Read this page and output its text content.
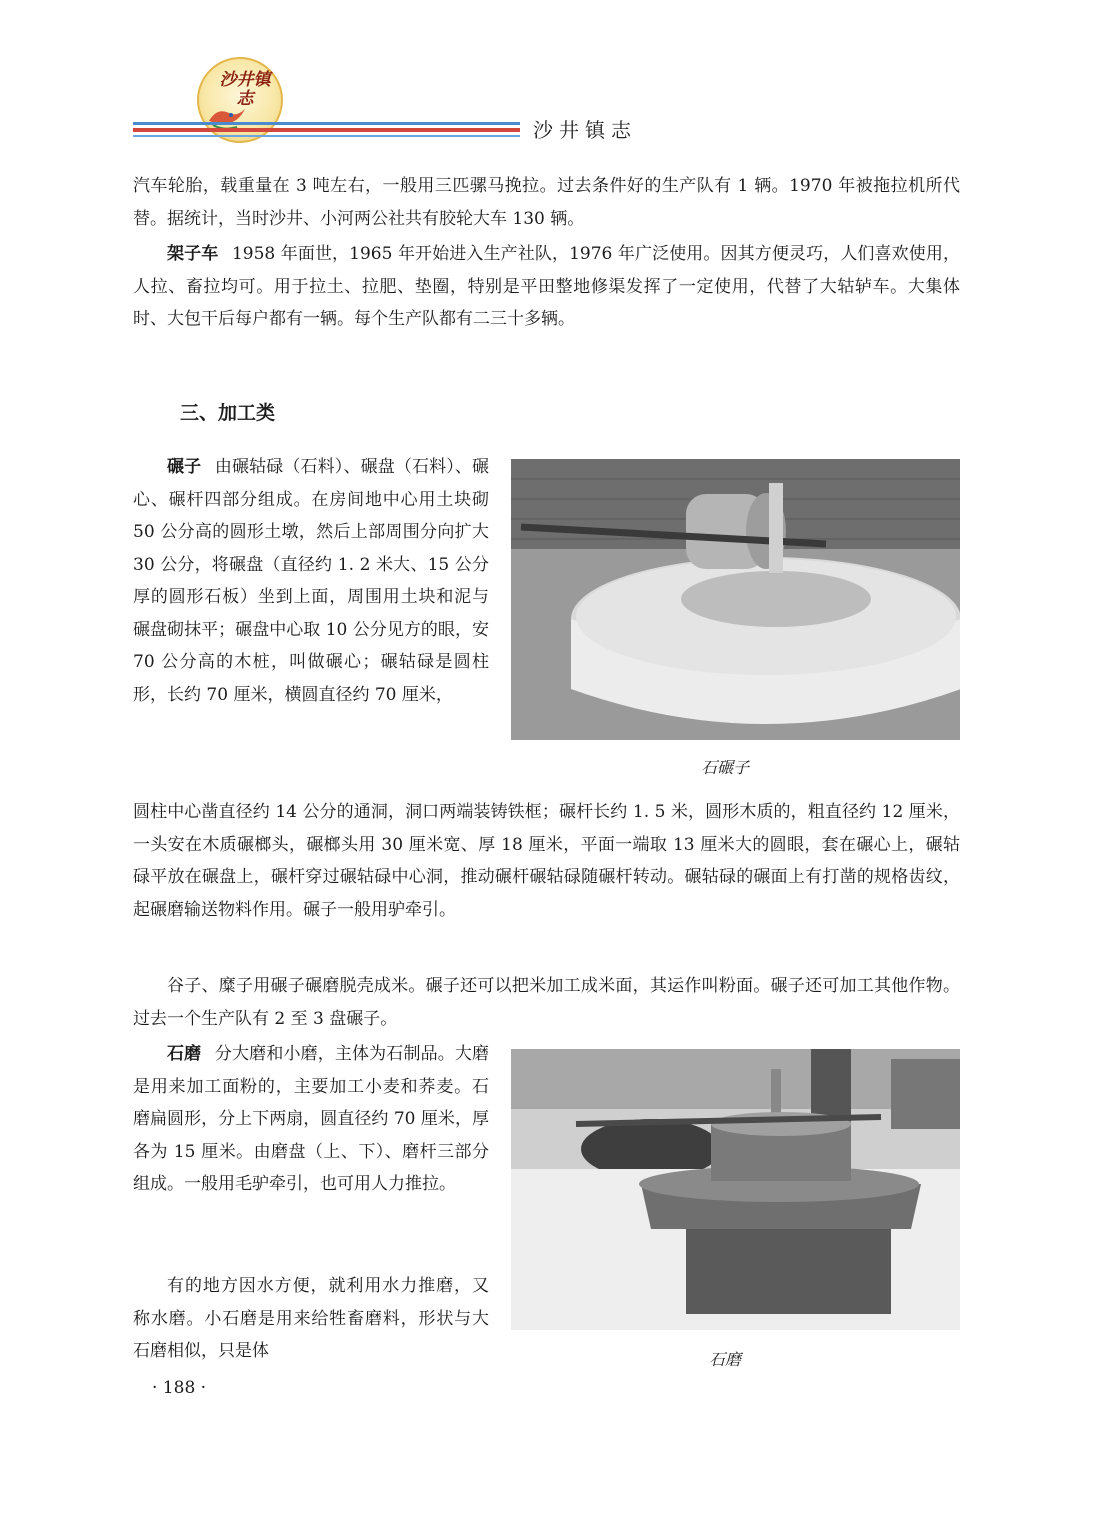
沙井镇志
沙井镇志

汽车轮胎，载重量在 3 吨左右，一般用三匹骡马挽拉。过去条件好的生产队有 1 辆。1970 年被拖拉机所代替。据统计，当时沙井、小河两公社共有胶轮大车 130 辆。

架子车 1958 年面世，1965 年开始进入生产社队，1976 年广泛使用。因其方便灵巧，人们喜欢使用，人拉、畜拉均可。用于拉土、拉肥、垫圈，特别是平田整地修渠发挥了一定使用，代替了大轱轳车。大集体时、大包干后每户都有一辆。每个生产队都有二三十多辆。

三、加工类

碾子 由碾轱碌（石料）、碾盘（石料）、碾心、碾杆四部分组成。在房间地中心用土块砌 50 公分高的圆形土墩，然后上部周围分向扩大 30 公分，将碾盘（直径约 1. 2 米大、15 公分厚的圆形石板）坐到上面，周围用土块和泥与碾盘砌抹平；碾盘中心取 10 公分见方的眼，安 70 公分高的木桩，叫做碾心；碾轱碌是圆柱形，长约 70 厘米，横圆直径约 70 厘米，

石碾子

圆柱中心凿直径约 14 公分的通洞，洞口两端装铸铁框；碾杆长约 1. 5 米，圆形木质的，粗直径约 12 厘米，一头安在木质碾榔头，碾榔头用 30 厘米宽、厚 18 厘米，平面一端取 13 厘米大的圆眼，套在碾心上，碾轱碌平放在碾盘上，碾杆穿过碾轱碌中心洞，推动碾杆碾轱碌随碾杆转动。碾轱碌的碾面上有打凿的规格齿纹，起碾磨输送物料作用。碾子一般用驴牵引。

谷子、糜子用碾子碾磨脱壳成米。碾子还可以把米加工成米面，其运作叫粉面。碾子还可加工其他作物。过去一个生产队有 2 至 3 盘碾子。

石磨 分大磨和小磨，主体为石制品。大磨是用来加工面粉的，主要加工小麦和荞麦。石磨扁圆形，分上下两扇，圆直径约 70 厘米，厚各为 15 厘米。由磨盘（上、下）、磨杆三部分组成。一般用毛驴牵引，也可用人力推拉。

有的地方因水方便，就利用水力推磨，又称水磨。小石磨是用来给牲畜磨料，形状与大石磨相似，只是体	石磨
· 188 ·
